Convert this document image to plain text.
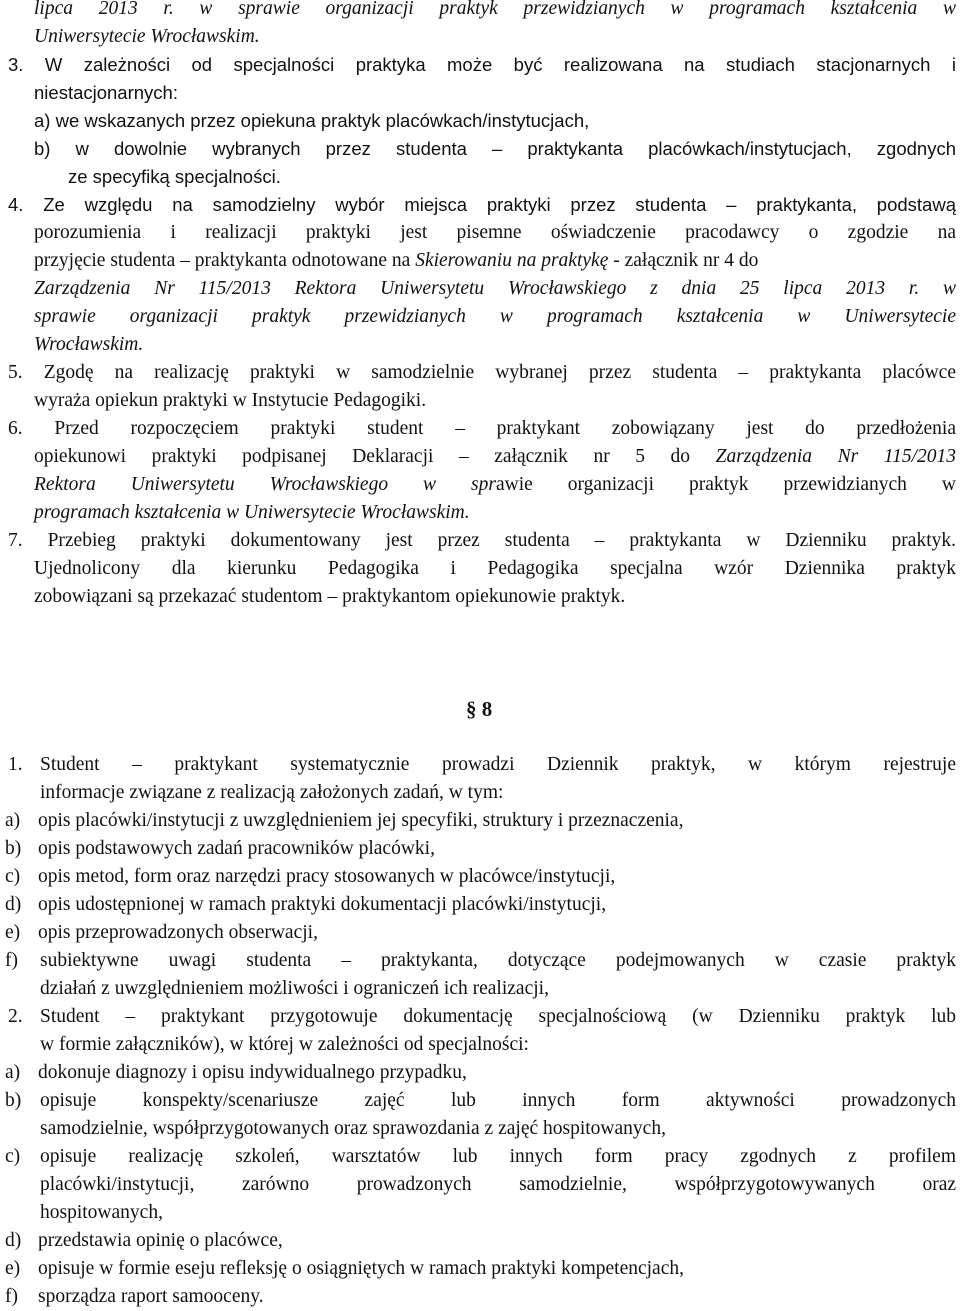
lipca 2013 r. w sprawie organizacji praktyk przewidzianych w programach kształcenia w
Uniwersytecie Wrocławskim.
3. W zależności od specjalności praktyka może być realizowana na studiach stacjonarnych i
niestacjonarnych:
a) we wskazanych przez opiekuna praktyk placówkach/instytucjach,
b) w dowolnie wybranych przez studenta – praktykanta placówkach/instytucjach, zgodnych
ze specyfiką specjalności.
4. Ze względu na samodzielny wybór miejsca praktyki przez studenta – praktykanta, podstawą
porozumienia i realizacji praktyki jest pisemne oświadczenie pracodawcy o zgodzie na
przyjęcie studenta – praktykanta odnotowane na Skierowaniu na praktykę - załącznik nr 4 do
Zarządzenia Nr 115/2013 Rektora Uniwersytetu Wrocławskiego z dnia 25 lipca 2013 r. w
sprawie organizacji praktyk przewidzianych w programach kształcenia w Uniwersytecie
Wrocławskim.
5. Zgodę na realizację praktyki w samodzielnie wybranej przez studenta – praktykanta placówce
wyraża opiekun praktyki w Instytucie Pedagogiki.
6. Przed rozpoczęciem praktyki student – praktykant zobowiązany jest do przedłożenia
opiekunowi praktyki podpisanej Deklaracji – załącznik nr 5 do Zarządzenia Nr 115/2013
Rektora Uniwersytetu Wrocławskiego w sprawie organizacji praktyk przewidzianych w
programach kształcenia w Uniwersytecie Wrocławskim.
7. Przebieg praktyki dokumentowany jest przez studenta – praktykanta w Dzienniku praktyk.
Ujednolicony dla kierunku Pedagogika i Pedagogika specjalna wzór Dziennika praktyk
zobowiązani są przekazać studentom – praktykantom opiekunowie praktyk.
§ 8
1. Student – praktykant systematycznie prowadzi Dziennik praktyk, w którym rejestruje
informacje związane z realizacją założonych zadań, w tym:
a) opis placówki/instytucji z uwzględnieniem jej specyfiki, struktury i przeznaczenia,
b) opis podstawowych zadań pracowników placówki,
c) opis metod, form oraz narzędzi pracy stosowanych w placówce/instytucji,
d) opis udostępnionej w ramach praktyki dokumentacji placówki/instytucji,
e) opis przeprowadzonych obserwacji,
f)	subiektywne uwagi studenta – praktykanta, dotyczące podejmowanych w czasie praktyk
działań z uwzględnieniem możliwości i ograniczeń ich realizacji,
2. Student – praktykant przygotowuje dokumentację specjalnościową (w Dzienniku praktyk lub
w formie załączników), w której w zależności od specjalności:
a) dokonuje diagnozy i opisu indywidualnego przypadku,
b) opisuje konspekty/scenariusze zajęć lub innych form aktywności prowadzonych
samodzielnie, współprzygotowanych oraz sprawozdania z zajęć hospitowanych,
c)	opisuje realizację szkoleń, warsztatów lub innych form pracy zgodnych z profilem
placówki/instytucji, zarówno prowadzonych samodzielnie, współprzygotowywanych oraz
hospitowanych,
d) przedstawia opinię o placówce,
e) opisuje w formie eseju refleksję o osiągniętych w ramach praktyki kompetencjach,
f) sporządza raport samooceny.
